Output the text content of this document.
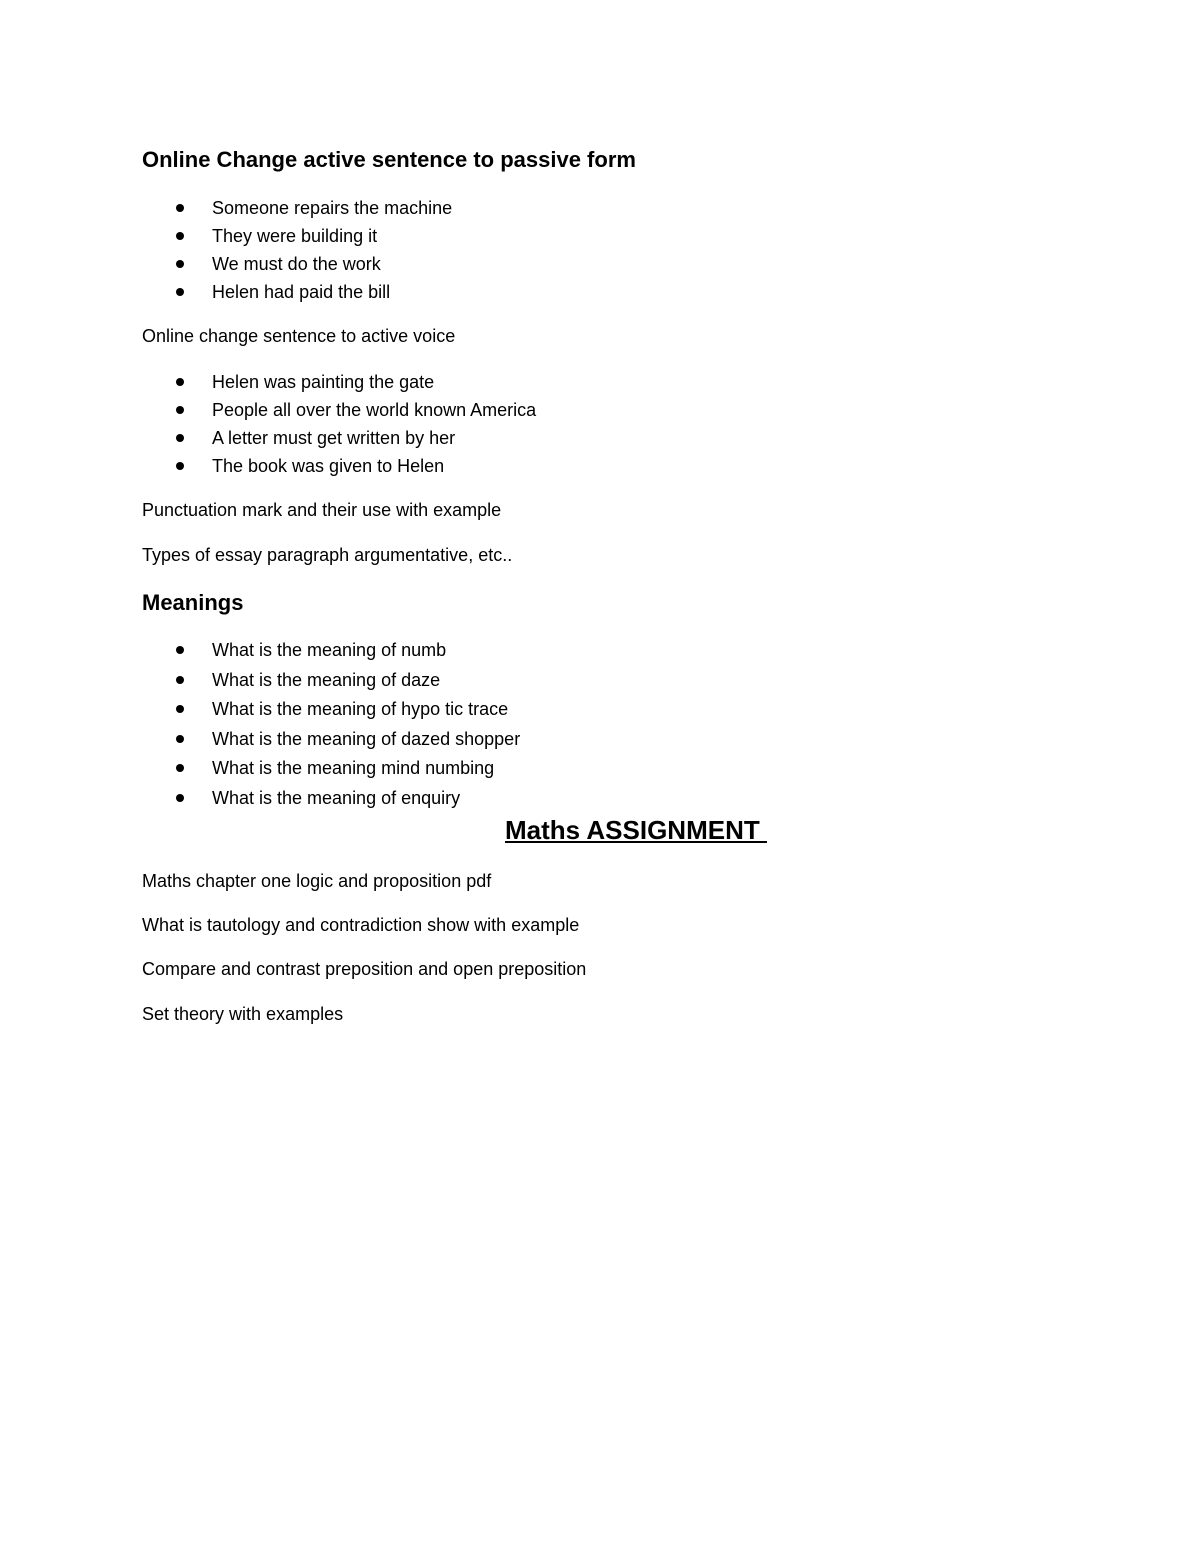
Online Change active sentence to passive form
Someone repairs the machine
They were building it
We must do the work
Helen had paid the bill
Online change sentence to active voice
Helen was painting the gate
People all over the world known America
A letter must get written by her
The book was given to Helen
Punctuation mark and their use with example
Types of essay paragraph argumentative, etc..
Meanings
What is the meaning of numb
What is the meaning of daze
What is the meaning of hypo tic trace
What is the meaning of dazed shopper
What is the meaning mind numbing
What is the meaning of enquiry
Maths ASSIGNMENT
Maths chapter one logic and proposition pdf
What is tautology and contradiction show with example
Compare and contrast preposition and open preposition
Set theory with examples
